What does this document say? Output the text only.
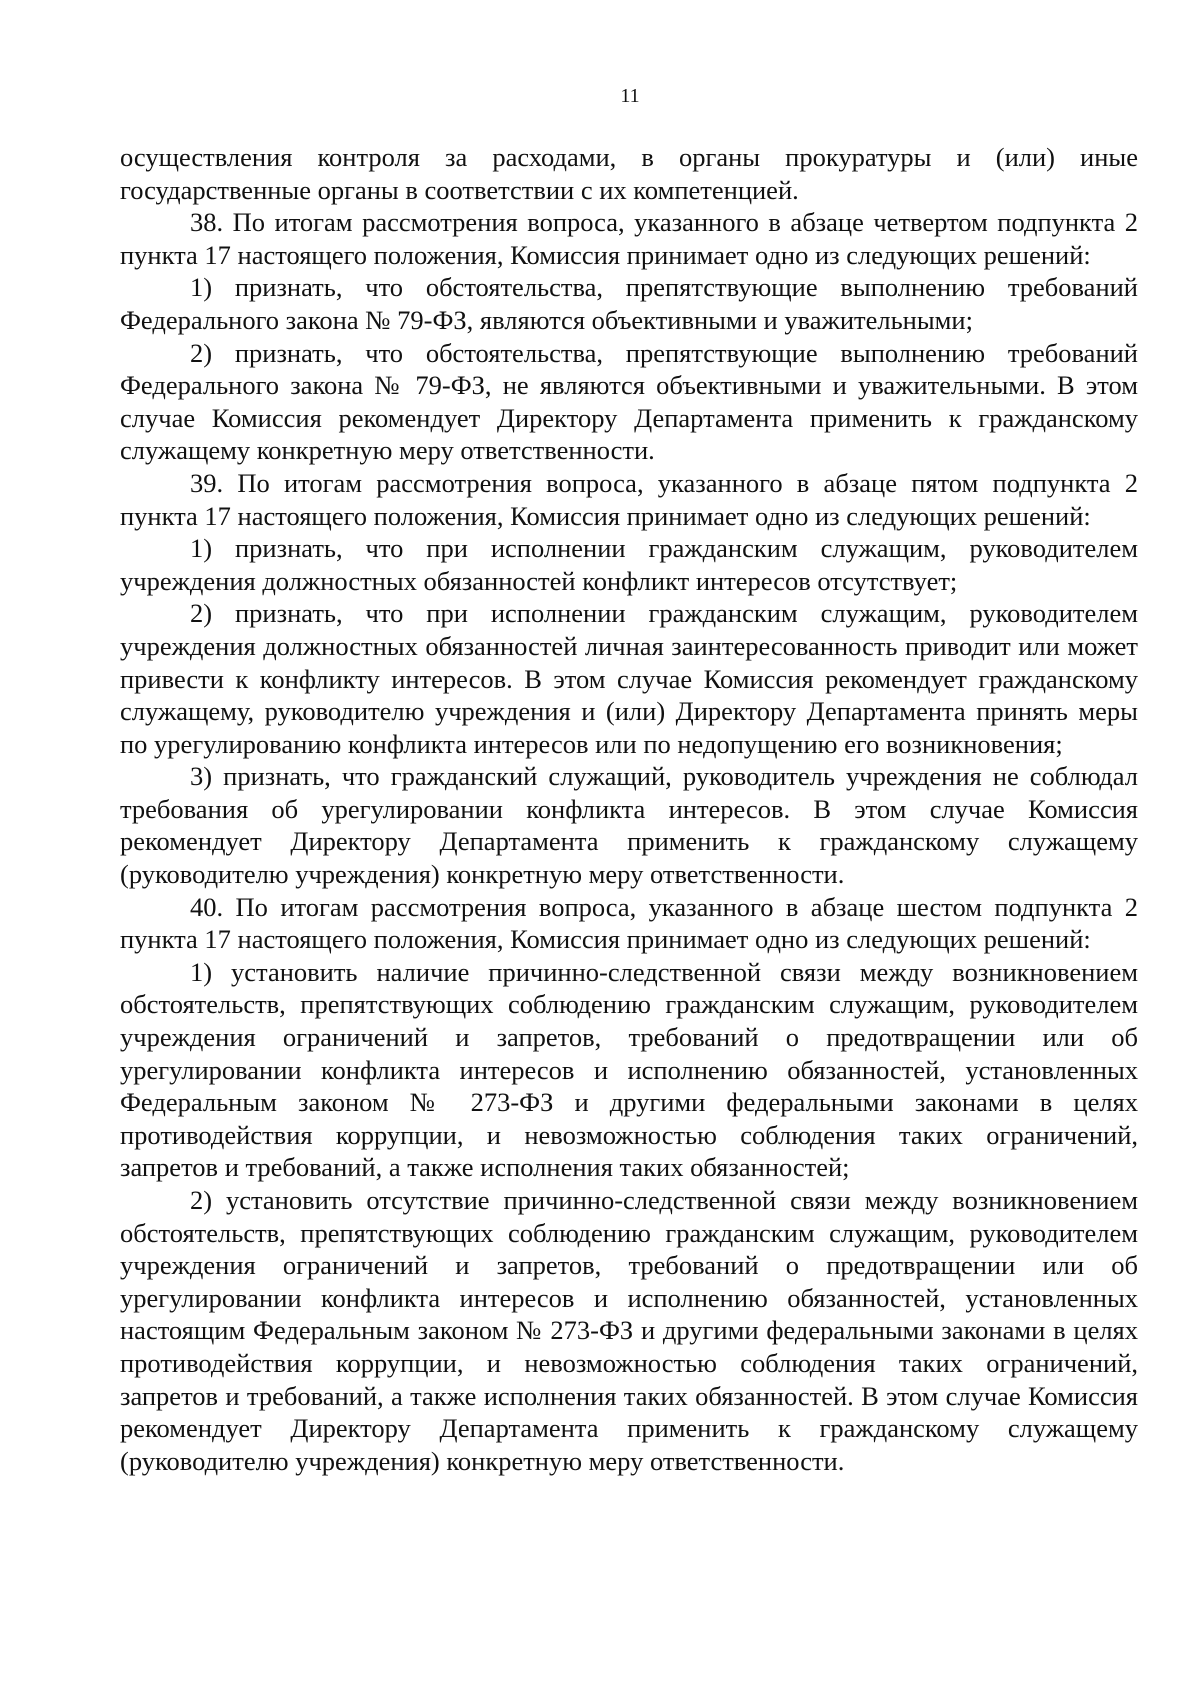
11

осуществления контроля за расходами, в органы прокуратуры и (или) иные государственные органы в соответствии с их компетенцией.

38. По итогам рассмотрения вопроса, указанного в абзаце четвертом подпункта 2 пункта 17 настоящего положения, Комиссия принимает одно из следующих решений:

1) признать, что обстоятельства, препятствующие выполнению требований Федерального закона № 79-ФЗ, являются объективными и уважительными;

2) признать, что обстоятельства, препятствующие выполнению требований Федерального закона № 79-ФЗ, не являются объективными и уважительными. В этом случае Комиссия рекомендует Директору Департамента применить к гражданскому служащему конкретную меру ответственности.

39. По итогам рассмотрения вопроса, указанного в абзаце пятом подпункта 2 пункта 17 настоящего положения, Комиссия принимает одно из следующих решений:

1) признать, что при исполнении гражданским служащим, руководителем учреждения должностных обязанностей конфликт интересов отсутствует;

2) признать, что при исполнении гражданским служащим, руководителем учреждения должностных обязанностей личная заинтересованность приводит или может привести к конфликту интересов. В этом случае Комиссия рекомендует гражданскому служащему, руководителю учреждения и (или) Директору Департамента принять меры по урегулированию конфликта интересов или по недопущению его возникновения;

3) признать, что гражданский служащий, руководитель учреждения не соблюдал требования об урегулировании конфликта интересов. В этом случае Комиссия рекомендует Директору Департамента применить к гражданскому служащему (руководителю учреждения) конкретную меру ответственности.

40. По итогам рассмотрения вопроса, указанного в абзаце шестом подпункта 2 пункта 17 настоящего положения, Комиссия принимает одно из следующих решений:

1) установить наличие причинно-следственной связи между возникновением обстоятельств, препятствующих соблюдению гражданским служащим, руководителем учреждения ограничений и запретов, требований о предотвращении или об урегулировании конфликта интересов и исполнению обязанностей, установленных Федеральным законом № 273-ФЗ и другими федеральными законами в целях противодействия коррупции, и невозможностью соблюдения таких ограничений, запретов и требований, а также исполнения таких обязанностей;

2) установить отсутствие причинно-следственной связи между возникновением обстоятельств, препятствующих соблюдению гражданским служащим, руководителем учреждения ограничений и запретов, требований о предотвращении или об урегулировании конфликта интересов и исполнению обязанностей, установленных настоящим Федеральным законом № 273-ФЗ и другими федеральными законами в целях противодействия коррупции, и невозможностью соблюдения таких ограничений, запретов и требований, а также исполнения таких обязанностей. В этом случае Комиссия рекомендует Директору Департамента применить к гражданскому служащему (руководителю учреждения) конкретную меру ответственности.
